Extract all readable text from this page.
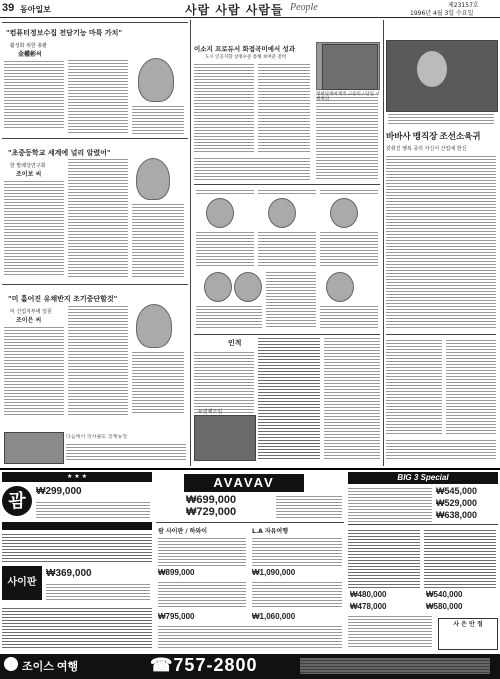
39 동아일보	사람 사람 사람들 People	제23157호
1996년 4월 3일 수요일
"컴퓨터정보수집 전담기능 마륙 가치"
활성화 위한 총괄
金權彬씨
"초중등학교 세계에 널리 알렸어"
한 발레당연구회
조이보 씨
"미 흩어진 유채반지 조기중단할것"
미 신업자부에 일원
조이은 씨
다음에이 의사불도 강제동정
이소지 프로듀서 화접곡미에서 성과
도시 인공지향 상정수준 통해 보여준 전력
인적
두번째모임
바바사 맹직장 조선소육귀
갖춰진 행복 증의 자신서 산업에 헌신
정판단계여계적 고문의 / 단일 시책위의
★ ★ ★
괌	₩299,000
사이판
₩369,000
AVAVAV
₩699,000
₩729,000
괌 사이판 / 하와이	L.A 자유여행
₩899,000	₩1,090,000
₩795,000	₩1,060,000
BIG 3 Special
₩545,000
₩529,000
₩638,000
₩480,000	₩540,000
₩478,000	₩580,000
사 은 안 정
조이스 여행	☎757-2800
